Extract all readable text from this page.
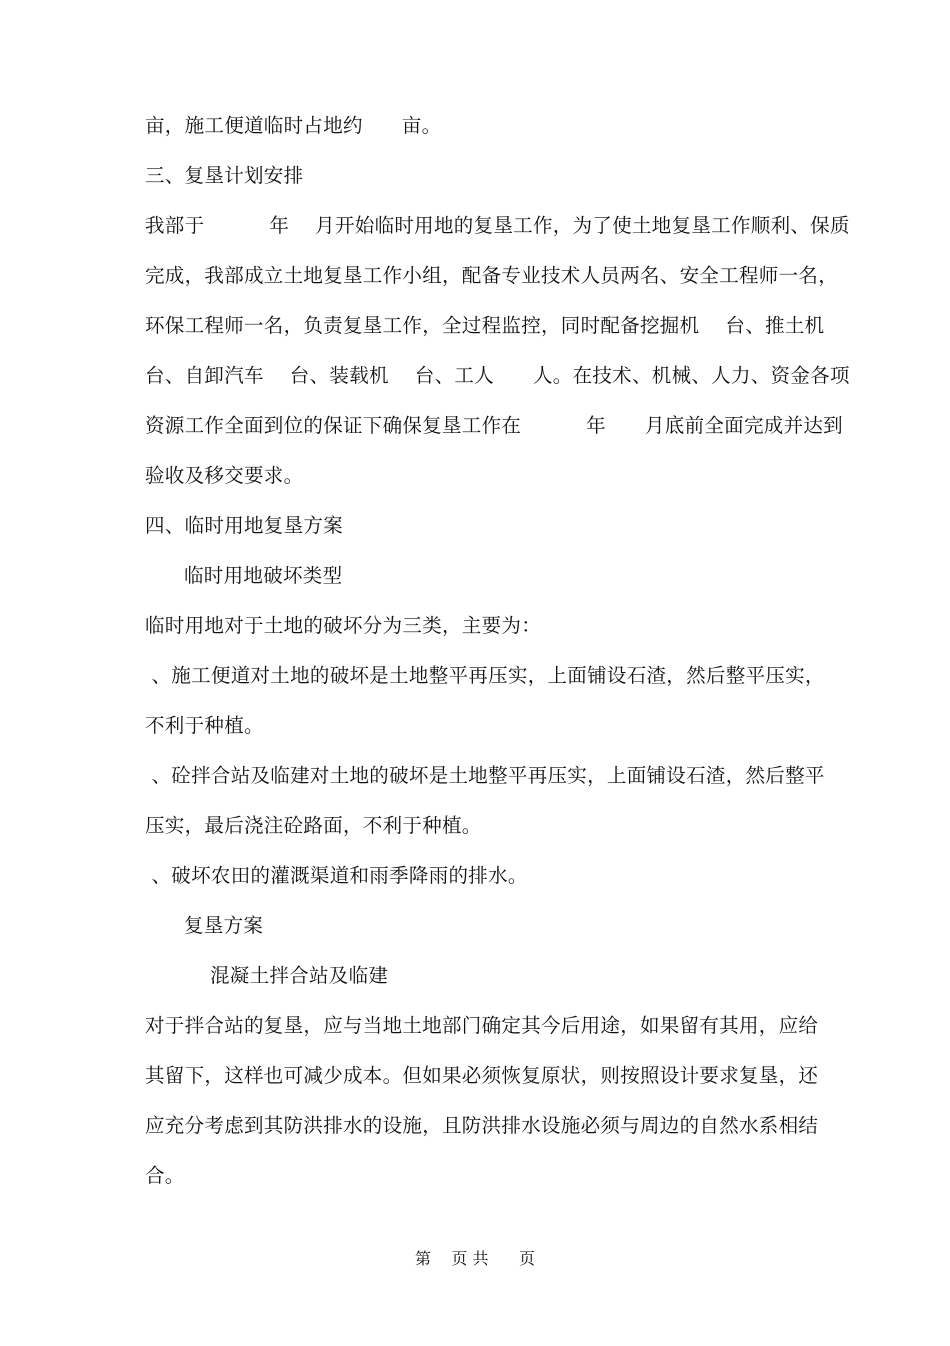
亩，施工便道临时占地约      亩。
三、复垦计划安排
我部于          年    月开始临时用地的复垦工作，为了使土地复垦工作顺利、保质
完成，我部成立土地复垦工作小组，配备专业技术人员两名、安全工程师一名，
环保工程师一名，负责复垦工作，全过程监控，同时配备挖掘机    台、推土机
台、自卸汽车    台、装载机    台、工人      人。在技术、机械、人力、资金各项
资源工作全面到位的保证下确保复垦工作在          年      月底前全面完成并达到
验收及移交要求。
四、临时用地复垦方案
临时用地破坏类型
临时用地对于土地的破坏分为三类，主要为：
、施工便道对土地的破坏是土地整平再压实，上面铺设石渣，然后整平压实，
不利于种植。
、砼拌合站及临建对土地的破坏是土地整平再压实，上面铺设石渣，然后整平
压实，最后浇注砼路面，不利于种植。
、破坏农田的灌溉渠道和雨季降雨的排水。
复垦方案
混凝土拌合站及临建
对于拌合站的复垦，应与当地土地部门确定其今后用途，如果留有其用，应给
其留下，这样也可减少成本。但如果必须恢复原状，则按照设计要求复垦，还
应充分考虑到其防洪排水的设施，且防洪排水设施必须与周边的自然水系相结
合。
第    页 共      页
